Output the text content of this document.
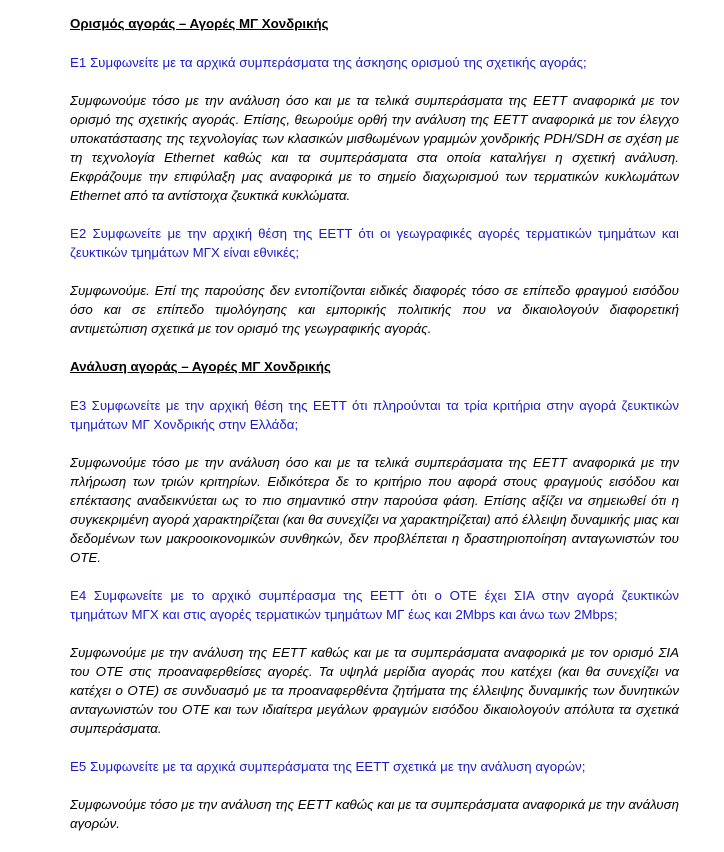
Ορισμός αγοράς – Αγορές ΜΓ Χονδρικής

Ε1 Συμφωνείτε με τα αρχικά συμπεράσματα της άσκησης ορισμού της σχετικής αγοράς;

Συμφωνούμε τόσο με την ανάλυση όσο και με τα τελικά συμπεράσματα της ΕΕΤΤ αναφορικά με τον ορισμό της σχετικής αγοράς. Επίσης, θεωρούμε ορθή την ανάλυση της ΕΕΤΤ αναφορικά με τον έλεγχο υποκατάστασης της τεχνολογίας των κλασικών μισθωμένων γραμμών χονδρικής PDH/SDH σε σχέση με τη τεχνολογία Ethernet καθώς και τα συμπεράσματα στα οποία καταλήγει η σχετική ανάλυση. Εκφράζουμε την επιφύλαξη μας αναφορικά με το σημείο διαχωρισμού των τερματικών κυκλωμάτων Ethernet από τα αντίστοιχα ζευκτικά κυκλώματα.

Ε2 Συμφωνείτε με την αρχική θέση της ΕΕΤΤ ότι οι γεωγραφικές αγορές τερματικών τμημάτων και ζευκτικών τμημάτων ΜΓΧ είναι εθνικές;

Συμφωνούμε. Επί της παρούσης δεν εντοπίζονται ειδικές διαφορές τόσο σε επίπεδο φραγμού εισόδου όσο και σε επίπεδο τιμολόγησης και εμπορικής πολιτικής που να δικαιολογούν διαφορετική αντιμετώπιση σχετικά με τον ορισμό της γεωγραφικής αγοράς.

Ανάλυση αγοράς – Αγορές ΜΓ Χονδρικής

Ε3 Συμφωνείτε με την αρχική θέση της ΕΕΤΤ ότι πληρούνται τα τρία κριτήρια στην αγορά ζευκτικών τμημάτων ΜΓ Χονδρικής στην Ελλάδα;

Συμφωνούμε τόσο με την ανάλυση όσο και με τα τελικά συμπεράσματα της ΕΕΤΤ αναφορικά με την πλήρωση των τριών κριτηρίων. Ειδικότερα δε το κριτήριο που αφορά στους φραγμούς εισόδου και επέκτασης αναδεικνύεται ως το πιο σημαντικό στην παρούσα φάση. Επίσης αξίζει να σημειωθεί ότι η συγκεκριμένη αγορά χαρακτηρίζεται (και θα συνεχίζει να χαρακτηρίζεται) από έλλειψη δυναμικής μιας και δεδομένων των μακροοικονομικών συνθηκών, δεν προβλέπεται η δραστηριοποίηση ανταγωνιστών του ΟΤΕ.

Ε4 Συμφωνείτε με το αρχικό συμπέρασμα της ΕΕΤΤ ότι ο ΟΤΕ έχει ΣΙΑ στην αγορά ζευκτικών τμημάτων ΜΓΧ και στις αγορές τερματικών τμημάτων ΜΓ έως και 2Mbps και άνω των 2Mbps;

Συμφωνούμε με την ανάλυση της ΕΕΤΤ καθώς και με τα συμπεράσματα αναφορικά με τον ορισμό ΣΙΑ του ΟΤΕ στις προαναφερθείσες αγορές. Τα υψηλά μερίδια αγοράς που κατέχει (και θα συνεχίζει να κατέχει ο ΟΤΕ) σε συνδυασμό με τα προαναφερθέντα ζητήματα της έλλειψης δυναμικής των δυνητικών ανταγωνιστών του ΟΤΕ και των ιδιαίτερα μεγάλων φραγμών εισόδου δικαιολογούν απόλυτα τα σχετικά συμπεράσματα.

Ε5 Συμφωνείτε με τα αρχικά συμπεράσματα της ΕΕΤΤ σχετικά με την ανάλυση αγορών;

Συμφωνούμε τόσο με την ανάλυση της ΕΕΤΤ καθώς και με τα συμπεράσματα αναφορικά με την ανάλυση αγορών.
